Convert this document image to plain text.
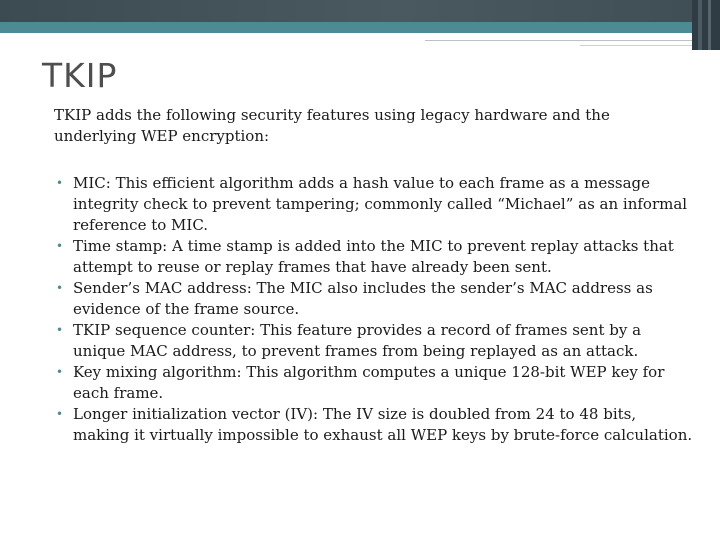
TKIP

TKIP adds the following security features using legacy hardware and the underlying WEP encryption:

• MIC: This efficient algorithm adds a hash value to each frame as a message integrity check to prevent tampering; commonly called “Michael” as an informal reference to MIC.
• Time stamp: A time stamp is added into the MIC to prevent replay attacks that attempt to reuse or replay frames that have already been sent.
• Sender’s MAC address: The MIC also includes the sender’s MAC address as evidence of the frame source.
• TKIP sequence counter: This feature provides a record of frames sent by a unique MAC address, to prevent frames from being replayed as an attack.
• Key mixing algorithm: This algorithm computes a unique 128-bit WEP key for each frame.
• Longer initialization vector (IV): The IV size is doubled from 24 to 48 bits, making it virtually impossible to exhaust all WEP keys by brute-force calculation.
